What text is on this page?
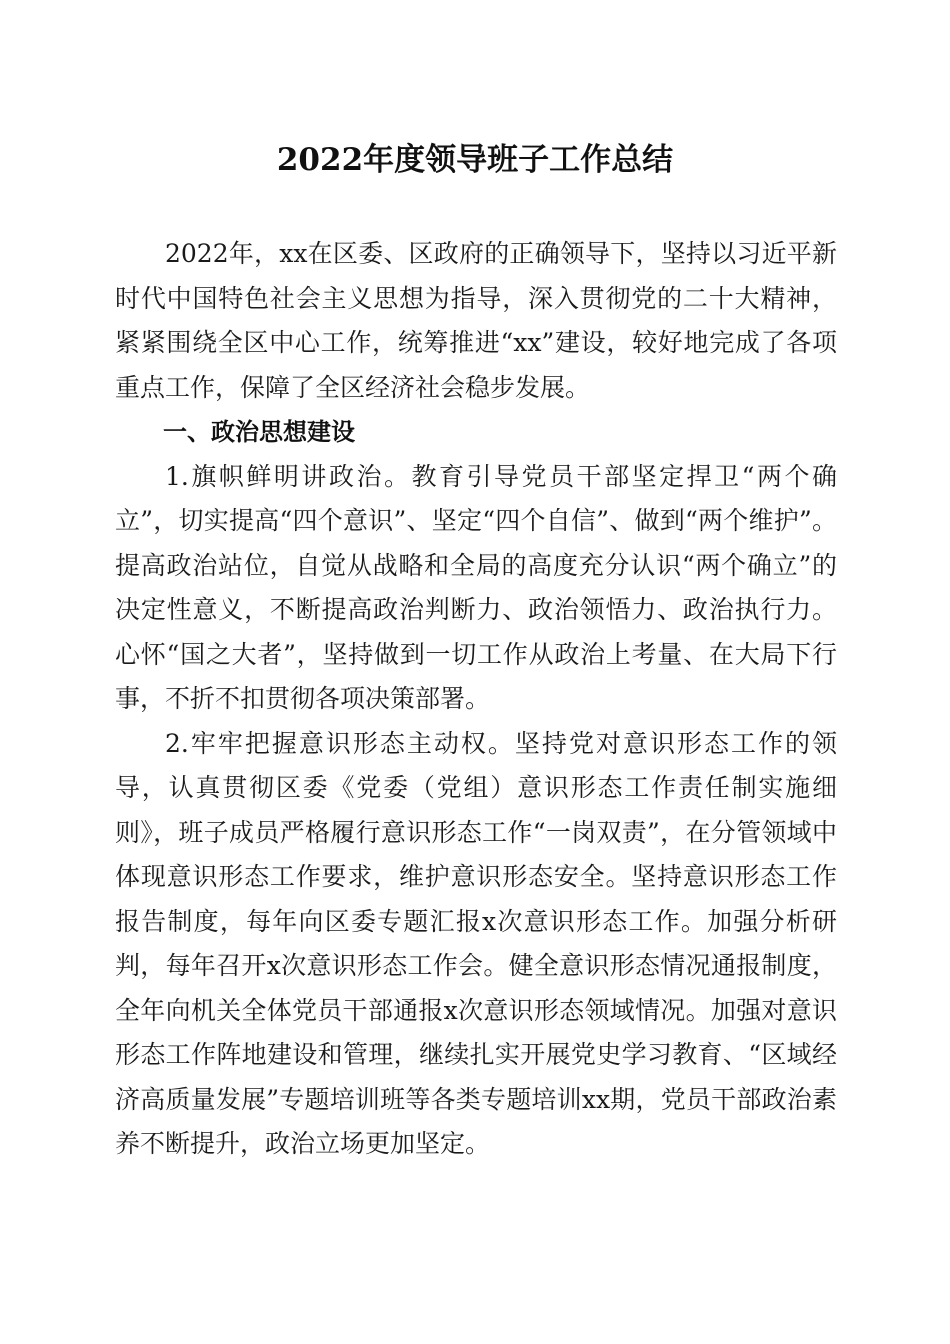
2022年度领导班子工作总结

2022年，xx在区委、区政府的正确领导下，坚持以习近平新时代中国特色社会主义思想为指导，深入贯彻党的二十大精神，紧紧围绕全区中心工作，统筹推进“xx”建设，较好地完成了各项重点工作，保障了全区经济社会稳步发展。

一、政治思想建设

1.旗帜鲜明讲政治。教育引导党员干部坚定捍卫“两个确立”，切实提高“四个意识”、坚定“四个自信”、做到“两个维护”。提高政治站位，自觉从战略和全局的高度充分认识“两个确立”的决定性意义，不断提高政治判断力、政治领悟力、政治执行力。心怀“国之大者”，坚持做到一切工作从政治上考量、在大局下行事，不折不扣贯彻各项决策部署。

2.牢牢把握意识形态主动权。坚持党对意识形态工作的领导，认真贯彻区委《党委（党组）意识形态工作责任制实施细则》，班子成员严格履行意识形态工作“一岗双责”，在分管领域中体现意识形态工作要求，维护意识形态安全。坚持意识形态工作报告制度，每年向区委专题汇报x次意识形态工作。加强分析研判，每年召开x次意识形态工作会。健全意识形态情况通报制度，全年向机关全体党员干部通报x次意识形态领域情况。加强对意识形态工作阵地建设和管理，继续扎实开展党史学习教育、“区域经济高质量发展”专题培训班等各类专题培训xx期，党员干部政治素养不断提升，政治立场更加坚定。
